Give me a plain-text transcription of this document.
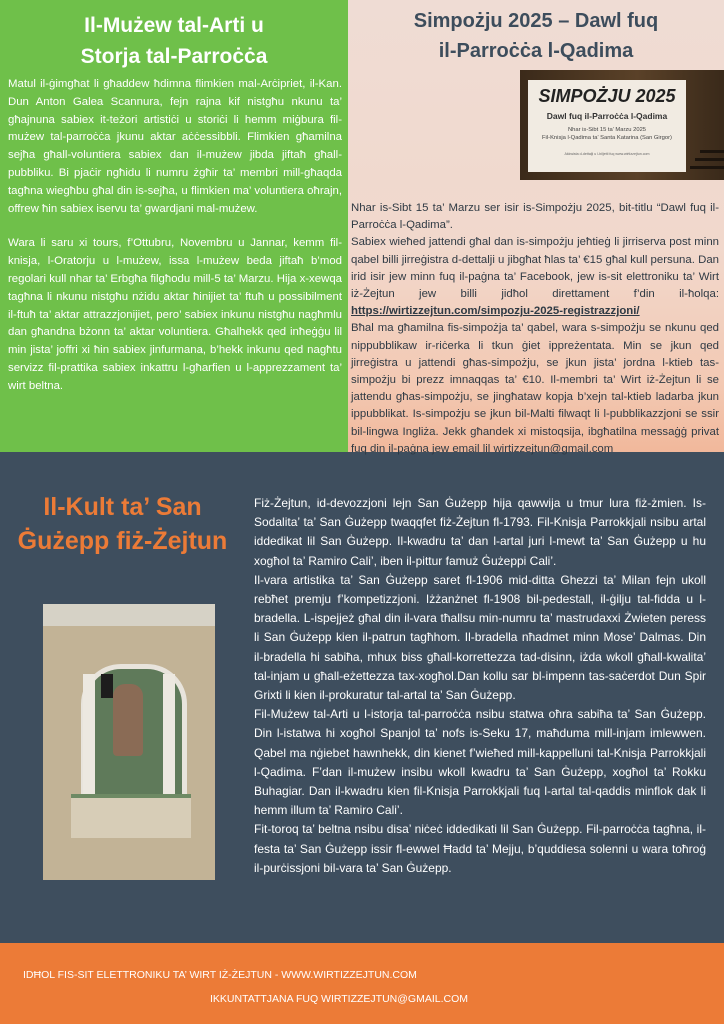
Il-Mużew tal-Arti u
Storja tal-Parroċċa

Matul il-ġimgħat li għaddew ħdimna flimkien mal-Arċipriet, il-Kan. Dun Anton Galea Scannura, fejn rajna kif nistgħu nkunu ta’ għajnuna sabiex it-teżori artistiċi u storiċi li hemm miġbura fil-mużew tal-parroċċa jkunu aktar aċċessibbli. Flimkien għamilna sejħa għall-voluntiera sabiex dan il-mużew jibda jiftaħ għall-pubbliku. Bi pjaċir ngħidu li numru żgħir ta’ membri mill-għaqda tagħna wiegħbu għal din is-sejħa, u flimkien ma’ voluntiera oħrajn, offrew ħin sabiex iservu ta’ gwardjani mal-mużew.

Wara li saru xi tours, f’Ottubru, Novembru u Jannar, kemm fil-knisja, l-Oratorju u l-mużew, issa l-mużew beda jiftaħ b’mod regolari kull nhar ta’ Erbgħa filgħodu mill-5 ta’ Marzu. Hija x-xewqa tagħna li nkunu nistgħu nżidu aktar ħinijiet ta’ ftuħ u possibilment il-ftuħ ta’ aktar attrazzjonijiet, pero’ sabiex inkunu nistgħu nagħmlu dan għandna bżonn ta’ aktar voluntiera. Għalhekk qed inħeġġu lil min jista’ joffri xi ħin sabiex jinfurmana, b’hekk inkunu qed nagħtu servizz fil-prattika sabiex inkattru l-għarfien u l-apprezzament ta’ wirt beltna.

Simpożju 2025 – Dawl fuq
il-Parroċċa l-Qadima
SIMPOŻJU 2025
Dawl fuq il-Parroċċa l-Qadima
Nhar is-Sibt 15 ta’ Marzu 2025
Fil-Knisja l-Qadima ta’ Santa Katarina (San Girgor)
Akkwista d-dettalji u l-biljetti fuq www.wirtizzejtun.com

Nhar is-Sibt 15 ta’ Marzu ser isir is-Simpożju 2025, bit-titlu “Dawl fuq il-Parroċċa l-Qadima”.

Sabiex wieħed jattendi għal dan is-simpożju jeħtieġ li jirriserva post minn qabel billi jirreġistra d-dettalji u jibgħat ħlas ta’ €15 għal kull persuna. Dan irid isir jew minn fuq il-paġna ta’ Facebook, jew is-sit elettroniku ta’ Wirt iż-Żejtun jew billi jidħol direttament f’din il-ħolqa: https://wirtizzejtun.com/simpozju-2025-registrazzjoni/

Bħal ma għamilna fis-simpożja ta’ qabel, wara s-simpożju se nkunu qed nippubblikaw ir-riċerka li tkun ġiet ippreżentata. Min se jkun qed jirreġistra u jattendi għas-simpożju, se jkun jista’ jordna l-ktieb tas-simpożju bi prezz imnaqqas ta’ €10. Il-membri ta’ Wirt iż-Żejtun li se jattendu għas-simpożju, se jingħataw kopja b’xejn tal-ktieb ladarba jkun ippubblikat. Is-simpożju se jkun bil-Malti filwaqt li l-pubblikazzjoni se ssir bil-lingwa Ingliża. Jekk għandek xi mistoqsija, ibgħatilna messaġġ privat fuq din il-paġna jew email lil wirtizzejtun@gmail.com

Il-Kult ta’ San
Ġużepp fiż-Żejtun

Fiż-Żejtun, id-devozzjoni lejn San Ġużepp hija qawwija u tmur lura fiż-żmien. Is-Sodalita’ ta’ San Ġużepp twaqqfet fiż-Żejtun fl-1793. Fil-Knisja Parrokkjali nsibu artal iddedikat lil San Ġużepp. Il-kwadru ta’ dan l-artal juri l-mewt ta’ San Ġużepp u hu xogħol ta’ Ramiro Cali’, iben il-pittur famuż Ġużeppi Cali’.

Il-vara artistika ta’ San Ġużepp saret fl-1906 mid-ditta Ghezzi ta’ Milan fejn ukoll rebħet premju f’kompetizzjoni. Iżżanżnet fl-1908 bil-pedestall, il-ġilju tal-fidda u l-bradella. L-ispejjeż għal din il-vara tħallsu min-numru ta’ mastrudaxxi Żwieten peress li San Ġużepp kien il-patrun tagħhom. Il-bradella nħadmet minn Mose’ Dalmas. Din il-bradella hi sabiħa, mhux biss għall-korrettezza tad-disinn, iżda wkoll għall-kwalita’ tal-injam u għall-eżettezza tax-xogħol.Dan kollu sar bl-impenn tas-saċerdot Dun Spir Grixti li kien il-prokuratur tal-artal ta’ San Ġużepp.

Fil-Mużew tal-Arti u l-istorja tal-parroċċa nsibu statwa oħra sabiħa ta’ San Ġużepp. Din l-istatwa hi xogħol Spanjol ta’ nofs is-Seku 17, maħduma mill-injam imlewwen. Qabel ma nġiebet hawnhekk, din kienet f’wieħed mill-kappelluni tal-Knisja Parrokkjali l-Qadima. F’dan il-mużew insibu wkoll kwadru ta’ San Ġużepp, xogħol ta’ Rokku Buhagiar. Dan il-kwadru kien fil-Knisja Parrokkjali fuq l-artal tal-qaddis minflok dak li hemm illum ta’ Ramiro Cali’.

Fit-toroq ta’ beltna nsibu disa’ niċeċ iddedikati lil San Ġużepp. Fil-parroċċa tagħna, il-festa ta’ San Ġużepp issir fl-ewwel Ħadd ta’ Mejju, b’quddiesa solenni u wara toħroġ il-purċissjoni bil-vara ta’ San Ġużepp.

IDĦOL FIS-SIT ELETTRONIKU TA’ WIRT IŻ-ŻEJTUN - WWW.WIRTIZZEJTUN.COM
IKKUNTATTJANA FUQ WIRTIZZEJTUN@GMAIL.COM
